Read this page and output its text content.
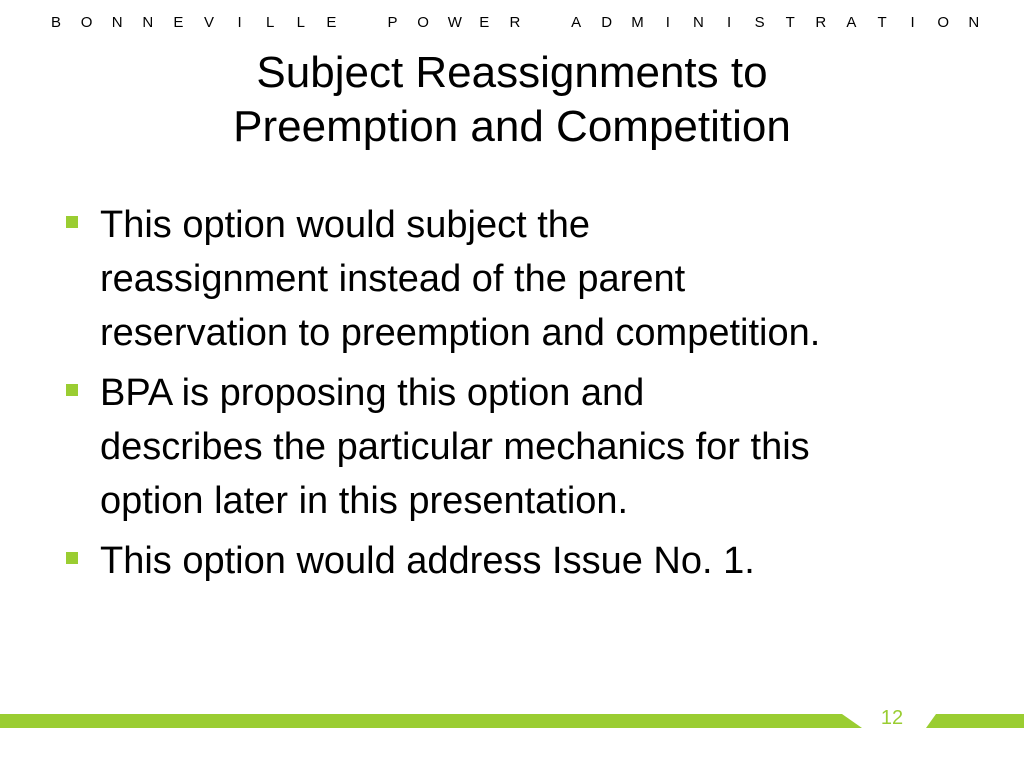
B O N N E V I L L E	P O W E R	A D M I N I S T R A T I O N
Subject Reassignments to
Preemption and Competition
This option would subject the
reassignment instead of the parent
reservation to preemption and competition.
BPA is proposing this option and
describes the particular mechanics for this
option later in this presentation.
This option would address Issue No. 1.
12
